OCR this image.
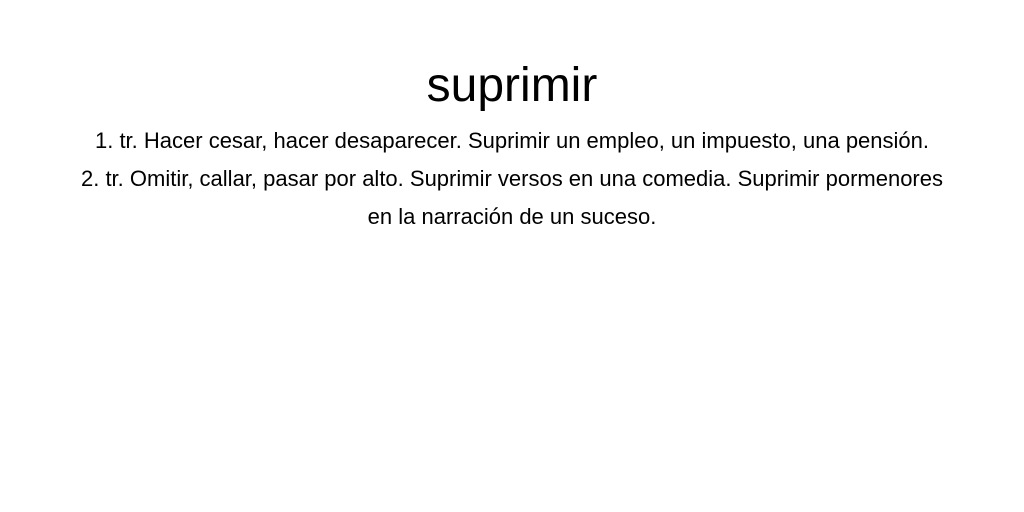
suprimir
1. tr. Hacer cesar, hacer desaparecer. Suprimir un empleo, un impuesto, una pensión.
2. tr. Omitir, callar, pasar por alto. Suprimir versos en una comedia. Suprimir pormenores en la narración de un suceso.
